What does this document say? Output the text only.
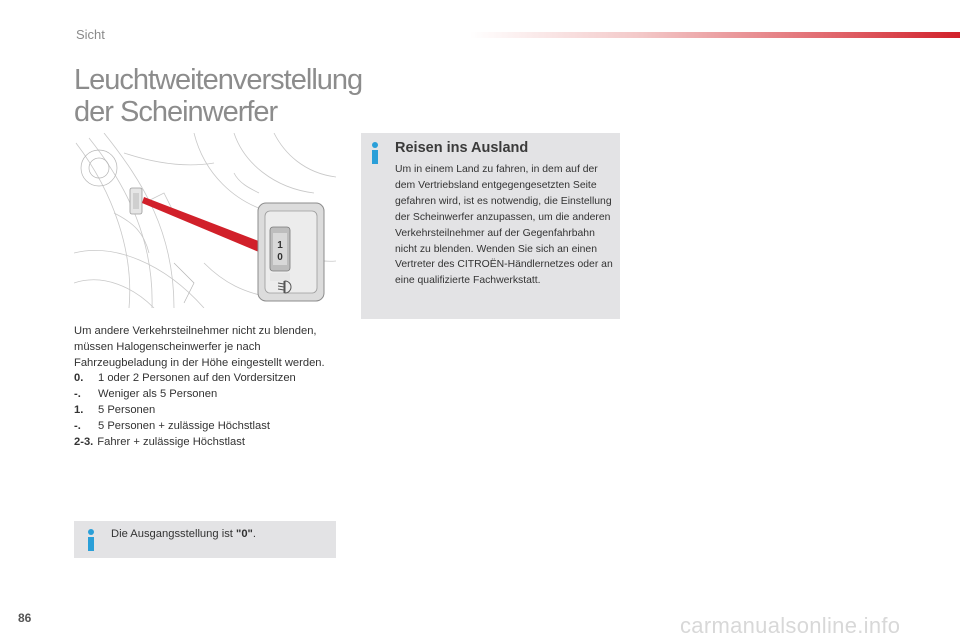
Sicht
Leuchtweitenverstellung
der Scheinwerfer
1
0

Um andere Verkehrsteilnehmer nicht zu blenden, müssen Halogenscheinwerfer je nach Fahrzeugbeladung in der Höhe eingestellt werden.

0. 1 oder 2 Personen auf den Vordersitzen
-. Weniger als 5 Personen
1. 5 Personen
-. 5 Personen + zulässige Höchstlast
2-3. Fahrer + zulässige Höchstlast
Die Ausgangsstellung ist "0".
Reisen ins Ausland

Um in einem Land zu fahren, in dem auf der dem Vertriebsland entgegengesetzten Seite gefahren wird, ist es notwendig, die Einstellung der Scheinwerfer anzupassen, um die anderen Verkehrsteilnehmer auf der Gegenfahrbahn nicht zu blenden. Wenden Sie sich an einen Vertreter des CITROËN-Händlernetzes oder an eine qualifizierte Fachwerkstatt.

86	carmanualsonline.info
